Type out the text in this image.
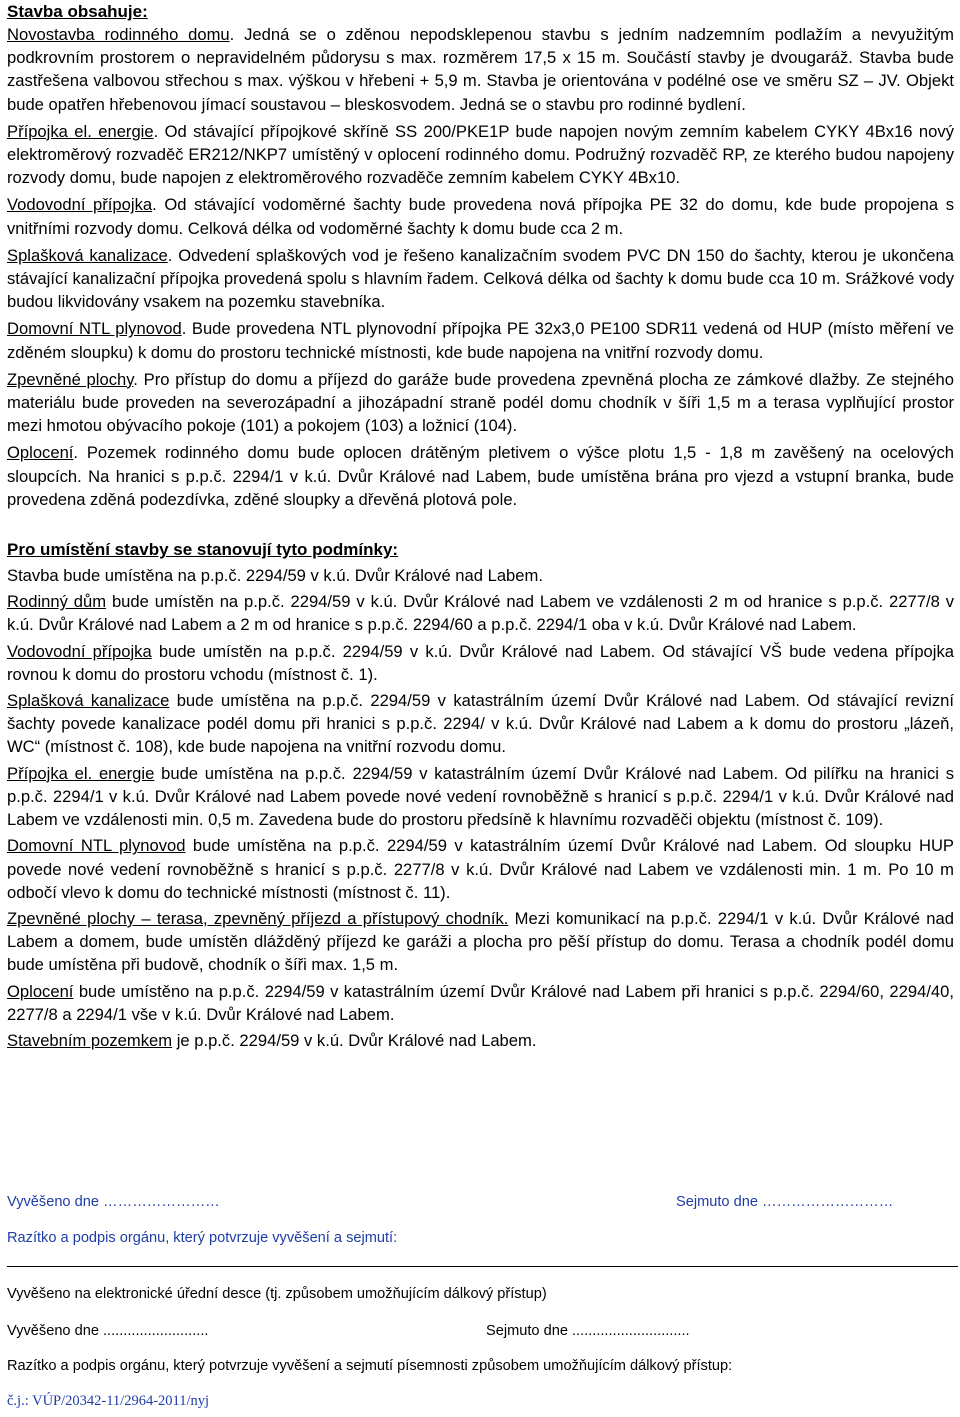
Stavba obsahuje:

Novostavba rodinného domu. Jedná se o zděnou nepodsklepenou stavbu s jedním nadzemním podlažím a nevyužitým podkrovním prostorem o nepravidelném půdorysu s max. rozměrem 17,5 x 15 m. Součástí stavby je dvougaráž. Stavba bude zastřešena valbovou střechou s max. výškou v hřebeni + 5,9 m. Stavba je orientována v podélné ose ve směru SZ – JV. Objekt bude opatřen hřebenovou jímací soustavou – bleskosvodem. Jedná se o stavbu pro rodinné bydlení.

Přípojka el. energie. Od stávající přípojkové skříně SS 200/PKE1P bude napojen novým zemním kabelem CYKY 4Bx16 nový elektroměrový rozvaděč ER212/NKP7 umístěný v oplocení rodinného domu. Podružný rozvaděč RP, ze kterého budou napojeny rozvody domu, bude napojen z elektroměrového rozvaděče zemním kabelem CYKY 4Bx10.

Vodovodní přípojka. Od stávající vodoměrné šachty bude provedena nová přípojka PE 32 do domu, kde bude propojena s vnitřními rozvody domu. Celková délka od vodoměrné šachty k domu bude cca 2 m.

Splašková kanalizace. Odvedení splaškových vod je řešeno kanalizačním svodem PVC DN 150 do šachty, kterou je ukončena stávající kanalizační přípojka provedená spolu s hlavním řadem. Celková délka od šachty k domu bude cca 10 m. Srážkové vody budou likvidovány vsakem na pozemku stavebníka.

Domovní NTL plynovod. Bude provedena NTL plynovodní přípojka PE 32x3,0 PE100 SDR11 vedená od HUP (místo měření ve zděném sloupku) k domu do prostoru technické místnosti, kde bude napojena na vnitřní rozvody domu.

Zpevněné plochy. Pro přístup do domu a příjezd do garáže bude provedena zpevněná plocha ze zámkové dlažby. Ze stejného materiálu bude proveden na severozápadní a jihozápadní straně podél domu chodník v šíři 1,5 m a terasa vyplňující prostor mezi hmotou obývacího pokoje (101) a pokojem (103) a ložnicí (104).

Oplocení. Pozemek rodinného domu bude oplocen drátěným pletivem o výšce plotu 1,5 - 1,8 m zavěšený na ocelových sloupcích. Na hranici s p.p.č. 2294/1 v k.ú. Dvůr Králové nad Labem, bude umístěna brána pro vjezd a vstupní branka, bude provedena zděná podezdívka, zděné sloupky a dřevěná plotová pole.

Pro umístění stavby se stanovují tyto podmínky:

Stavba bude umístěna na p.p.č. 2294/59 v k.ú. Dvůr Králové nad Labem.

Rodinný dům bude umístěn na p.p.č. 2294/59 v k.ú. Dvůr Králové nad Labem ve vzdálenosti 2 m od hranice s p.p.č. 2277/8 v k.ú. Dvůr Králové nad Labem a 2 m od hranice s p.p.č. 2294/60 a p.p.č. 2294/1 oba v k.ú. Dvůr Králové nad Labem.

Vodovodní přípojka bude umístěn na p.p.č. 2294/59 v k.ú. Dvůr Králové nad Labem. Od stávající VŠ bude vedena přípojka rovnou k domu do prostoru vchodu (místnost č. 1).

Splašková kanalizace bude umístěna na p.p.č. 2294/59 v katastrálním území Dvůr Králové nad Labem. Od stávající revizní šachty povede kanalizace podél domu při hranici s p.p.č. 2294/ v k.ú. Dvůr Králové nad Labem a k domu do prostoru „lázeň, WC“ (místnost č. 108), kde bude napojena na vnitřní rozvodu domu.

Přípojka el. energie bude umístěna na p.p.č. 2294/59 v katastrálním území Dvůr Králové nad Labem. Od pilířku na hranici s p.p.č. 2294/1 v k.ú. Dvůr Králové nad Labem povede nové vedení rovnoběžně s hranicí s p.p.č. 2294/1 v k.ú. Dvůr Králové nad Labem ve vzdálenosti min. 0,5 m. Zavedena bude do prostoru předsíně k hlavnímu rozvaděči objektu (místnost č. 109).

Domovní NTL plynovod bude umístěna na p.p.č. 2294/59 v katastrálním území Dvůr Králové nad Labem. Od sloupku HUP povede nové vedení rovnoběžně s hranicí s p.p.č. 2277/8 v k.ú. Dvůr Králové nad Labem ve vzdálenosti min. 1 m. Po 10 m odbočí vlevo k domu do technické místnosti (místnost č. 11).

Zpevněné plochy – terasa, zpevněný příjezd a přístupový chodník. Mezi komunikací na p.p.č. 2294/1 v k.ú. Dvůr Králové nad Labem a domem, bude umístěn dlážděný příjezd ke garáži a plocha pro pěší přístup do domu. Terasa a chodník podél domu bude umístěna při budově, chodník o šíři max. 1,5 m.

Oplocení bude umístěno na p.p.č. 2294/59 v katastrálním území Dvůr Králové nad Labem při hranici s p.p.č. 2294/60, 2294/40, 2277/8 a 2294/1 vše v k.ú. Dvůr Králové nad Labem.

Stavebním pozemkem je p.p.č. 2294/59 v k.ú. Dvůr Králové nad Labem.

Vyvěšeno dne ……………………	Sejmuto dne ………………………
Razítko a podpis orgánu, který potvrzuje vyvěšení a sejmutí:
Vyvěšeno na elektronické úřední desce (tj. způsobem umožňujícím dálkový přístup)
Vyvěšeno dne ..........................	Sejmuto dne .............................
Razítko a podpis orgánu, který potvrzuje vyvěšení a sejmutí písemnosti způsobem umožňujícím dálkový přístup:
č.j.: VÚP/20342-11/2964-2011/nyj
